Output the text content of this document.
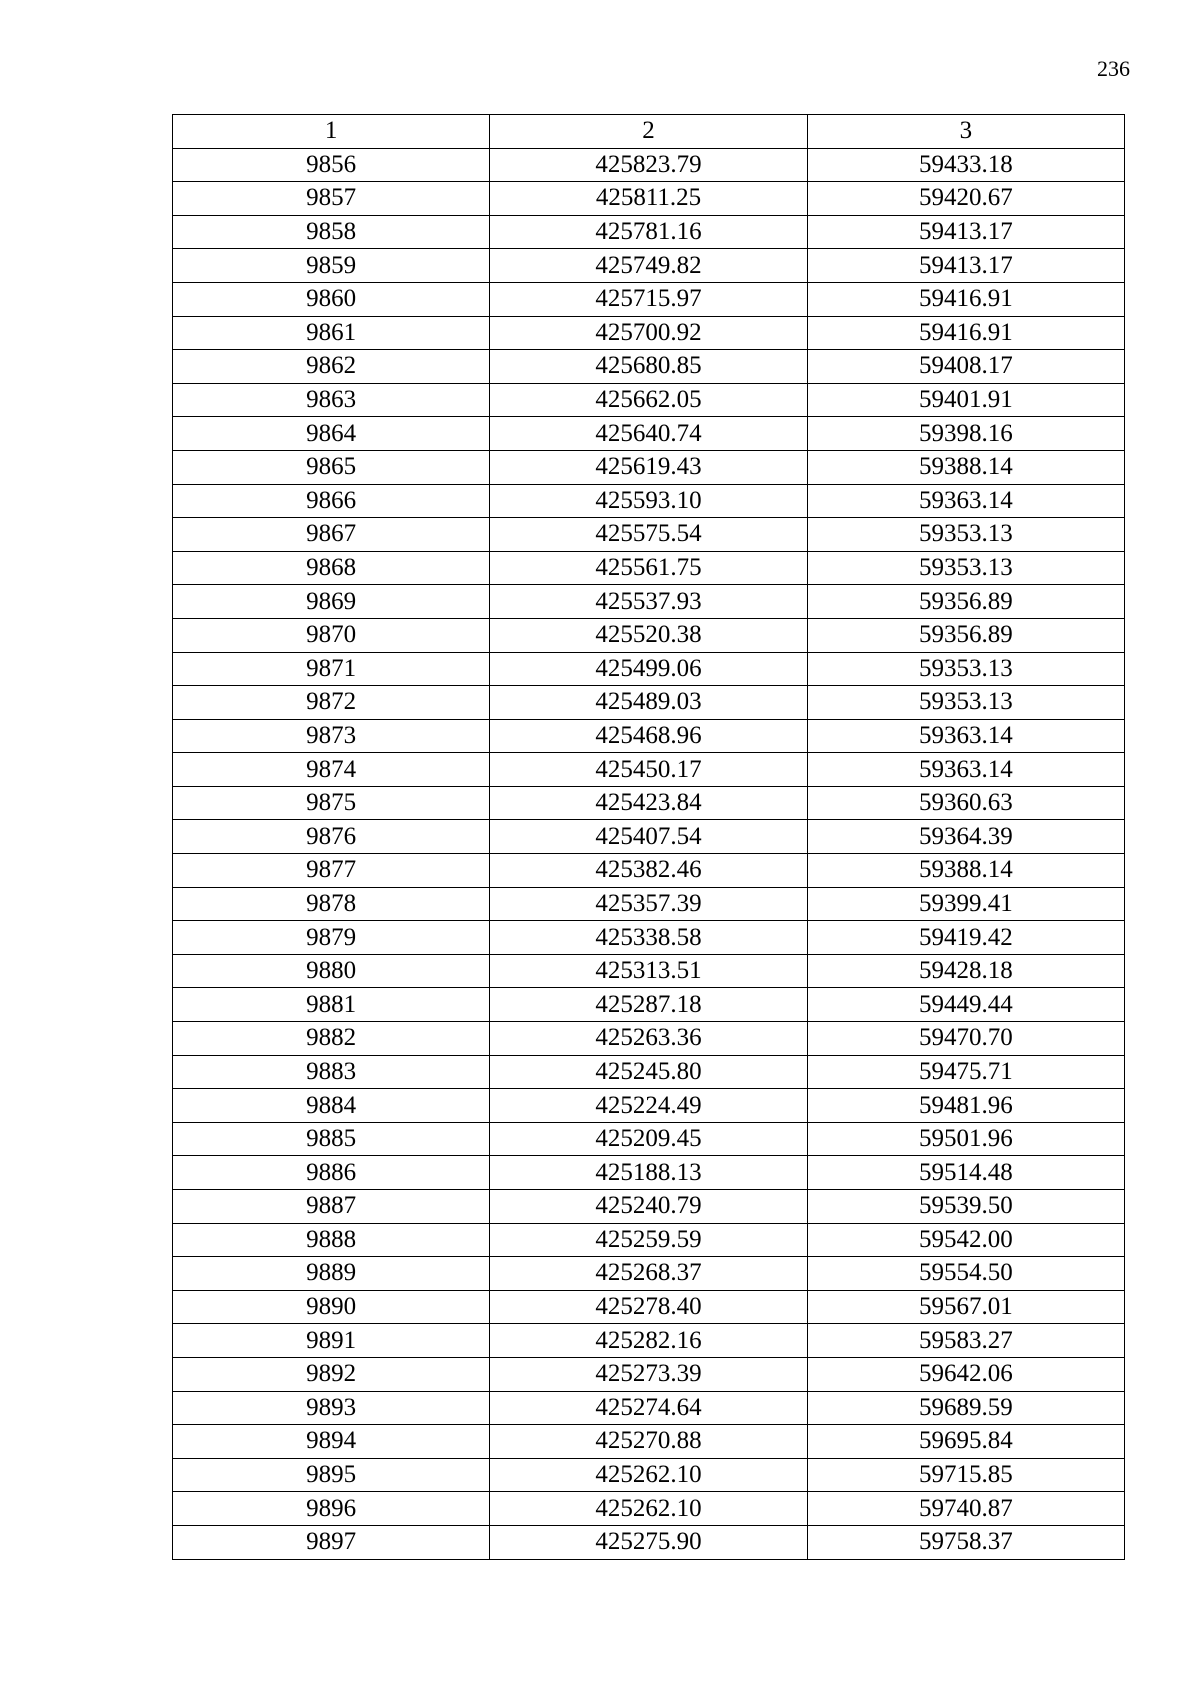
236
1	2	3
9856	425823.79	59433.18
9857	425811.25	59420.67
9858	425781.16	59413.17
9859	425749.82	59413.17
9860	425715.97	59416.91
9861	425700.92	59416.91
9862	425680.85	59408.17
9863	425662.05	59401.91
9864	425640.74	59398.16
9865	425619.43	59388.14
9866	425593.10	59363.14
9867	425575.54	59353.13
9868	425561.75	59353.13
9869	425537.93	59356.89
9870	425520.38	59356.89
9871	425499.06	59353.13
9872	425489.03	59353.13
9873	425468.96	59363.14
9874	425450.17	59363.14
9875	425423.84	59360.63
9876	425407.54	59364.39
9877	425382.46	59388.14
9878	425357.39	59399.41
9879	425338.58	59419.42
9880	425313.51	59428.18
9881	425287.18	59449.44
9882	425263.36	59470.70
9883	425245.80	59475.71
9884	425224.49	59481.96
9885	425209.45	59501.96
9886	425188.13	59514.48
9887	425240.79	59539.50
9888	425259.59	59542.00
9889	425268.37	59554.50
9890	425278.40	59567.01
9891	425282.16	59583.27
9892	425273.39	59642.06
9893	425274.64	59689.59
9894	425270.88	59695.84
9895	425262.10	59715.85
9896	425262.10	59740.87
9897	425275.90	59758.37
